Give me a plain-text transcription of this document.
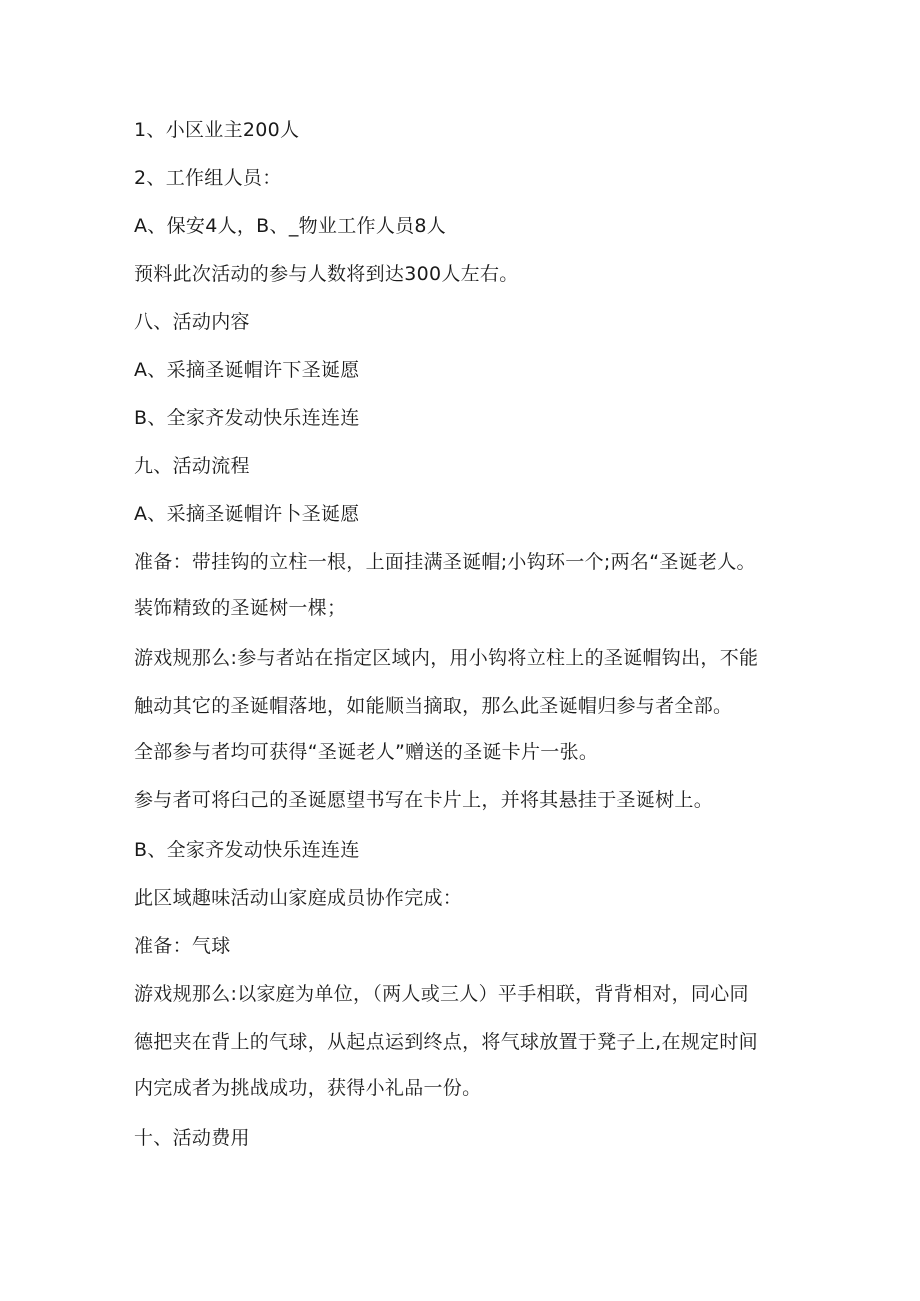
1、小区业主200人
2、工作组人员：
A、保安4人，B、_物业工作人员8人
预料此次活动的参与人数将到达300人左右。
八、活动内容
A、采摘圣诞帽许下圣诞愿
B、全家齐发动快乐连连连
九、活动流程
A、采摘圣诞帽许卜圣诞愿
准备：带挂钩的立柱一根，上面挂满圣诞帽;小钩环一个;两名“圣诞老人。
装饰精致的圣诞树一棵；
游戏规那么:参与者站在指定区域内，用小钩将立柱上的圣诞帽钩出，不能
触动其它的圣诞帽落地，如能顺当摘取，那么此圣诞帽归参与者全部。
全部参与者均可获得“圣诞老人”赠送的圣诞卡片一张。
参与者可将臼己的圣诞愿望书写在卡片上，并将其悬挂于圣诞树上。
B、全家齐发动快乐连连连
此区域趣味活动山家庭成员协作完成：
准备：气球
游戏规那么:以家庭为单位，（两人或三人）平手相联，背背相对，同心同
德把夹在背上的气球，从起点运到终点，将气球放置于凳子上,在规定时间
内完成者为挑战成功，获得小礼品一份。
十、活动费用
